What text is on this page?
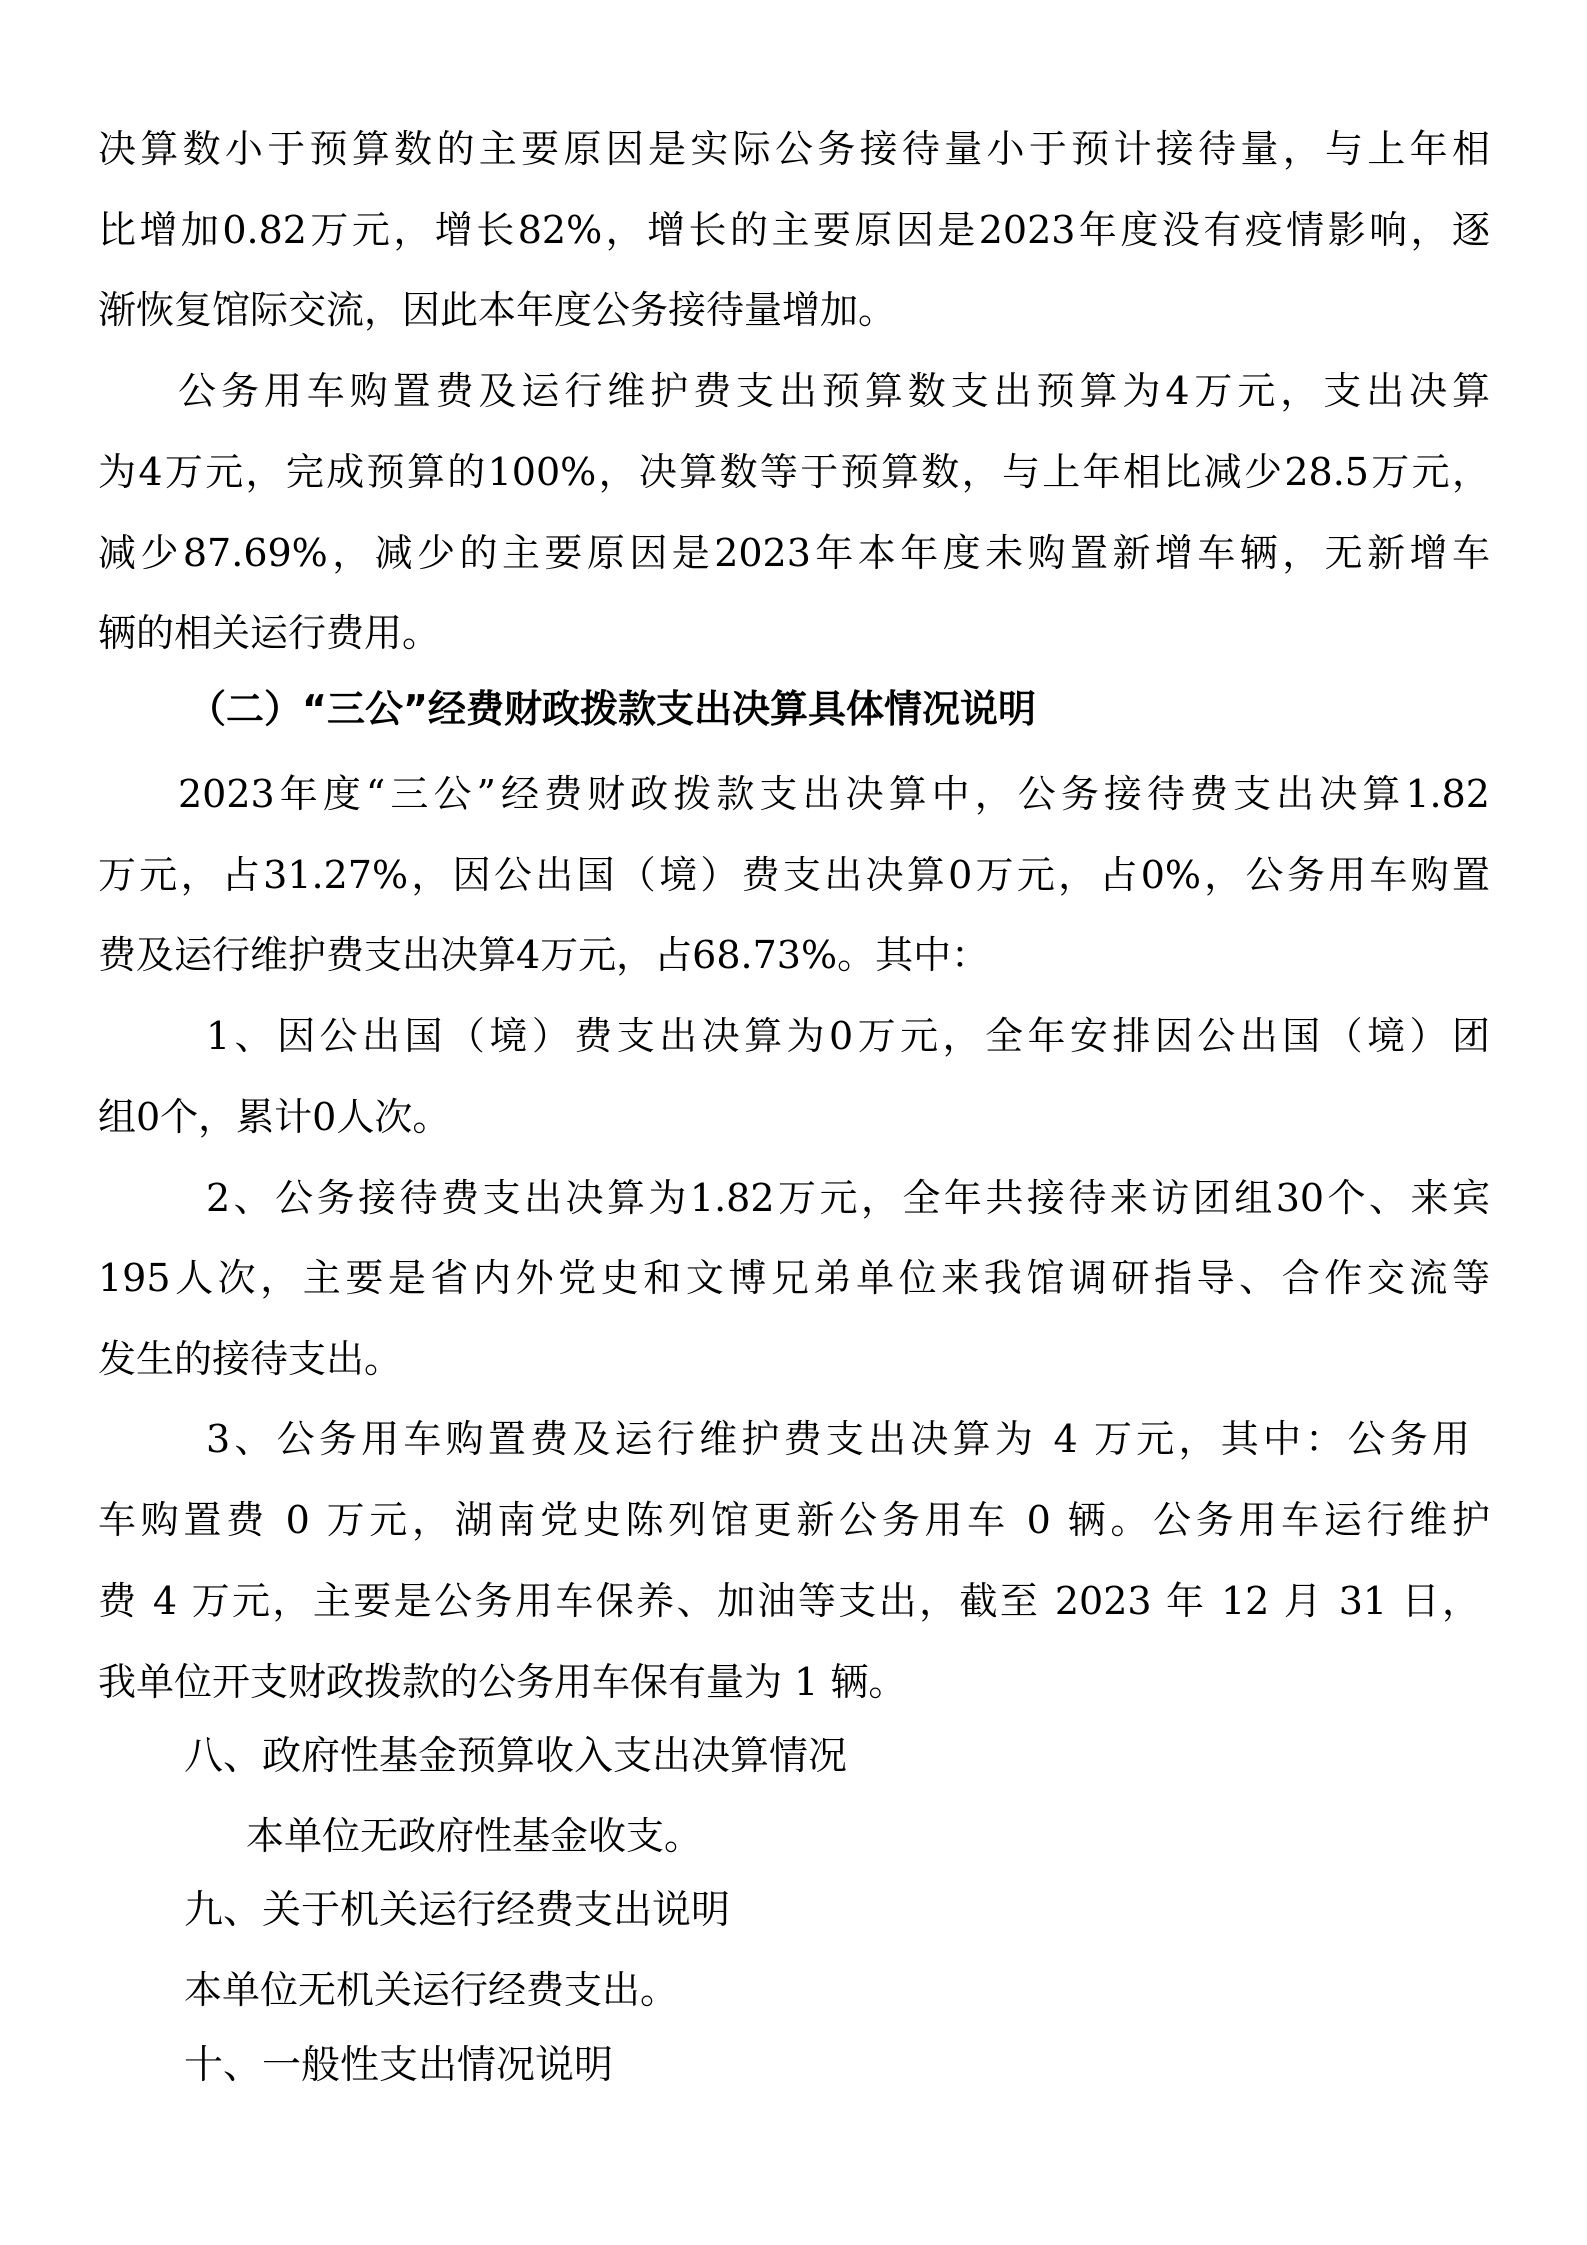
决算数小于预算数的主要原因是实际公务接待量小于预计接待量，与上年相
比增加0.82万元，增长82%，增长的主要原因是2023年度没有疫情影响，逐
渐恢复馆际交流，因此本年度公务接待量增加。
公务用车购置费及运行维护费支出预算数支出预算为4万元，支出决算
为4万元，完成预算的100%，决算数等于预算数，与上年相比减少28.5万元，
减少87.69%，减少的主要原因是2023年本年度未购置新增车辆，无新增车
辆的相关运行费用。
（二）“三公”经费财政拨款支出决算具体情况说明
2023年度“三公”经费财政拨款支出决算中，公务接待费支出决算1.82
万元，占31.27%，因公出国（境）费支出决算0万元，占0%，公务用车购置
费及运行维护费支出决算4万元，占68.73%。其中：
1、因公出国（境）费支出决算为0万元，全年安排因公出国（境）团
组0个，累计0人次。
2、公务接待费支出决算为1.82万元，全年共接待来访团组30个、来宾
195人次，主要是省内外党史和文博兄弟单位来我馆调研指导、合作交流等
发生的接待支出。
3、公务用车购置费及运行维护费支出决算为 4 万元，其中：公务用
车购置费 0 万元，湖南党史陈列馆更新公务用车 0 辆。公务用车运行维护
费 4 万元，主要是公务用车保养、加油等支出，截至 2023 年 12 月 31 日，
我单位开支财政拨款的公务用车保有量为 1 辆。
八、政府性基金预算收入支出决算情况
本单位无政府性基金收支。
九、关于机关运行经费支出说明
本单位无机关运行经费支出。
十、一般性支出情况说明
